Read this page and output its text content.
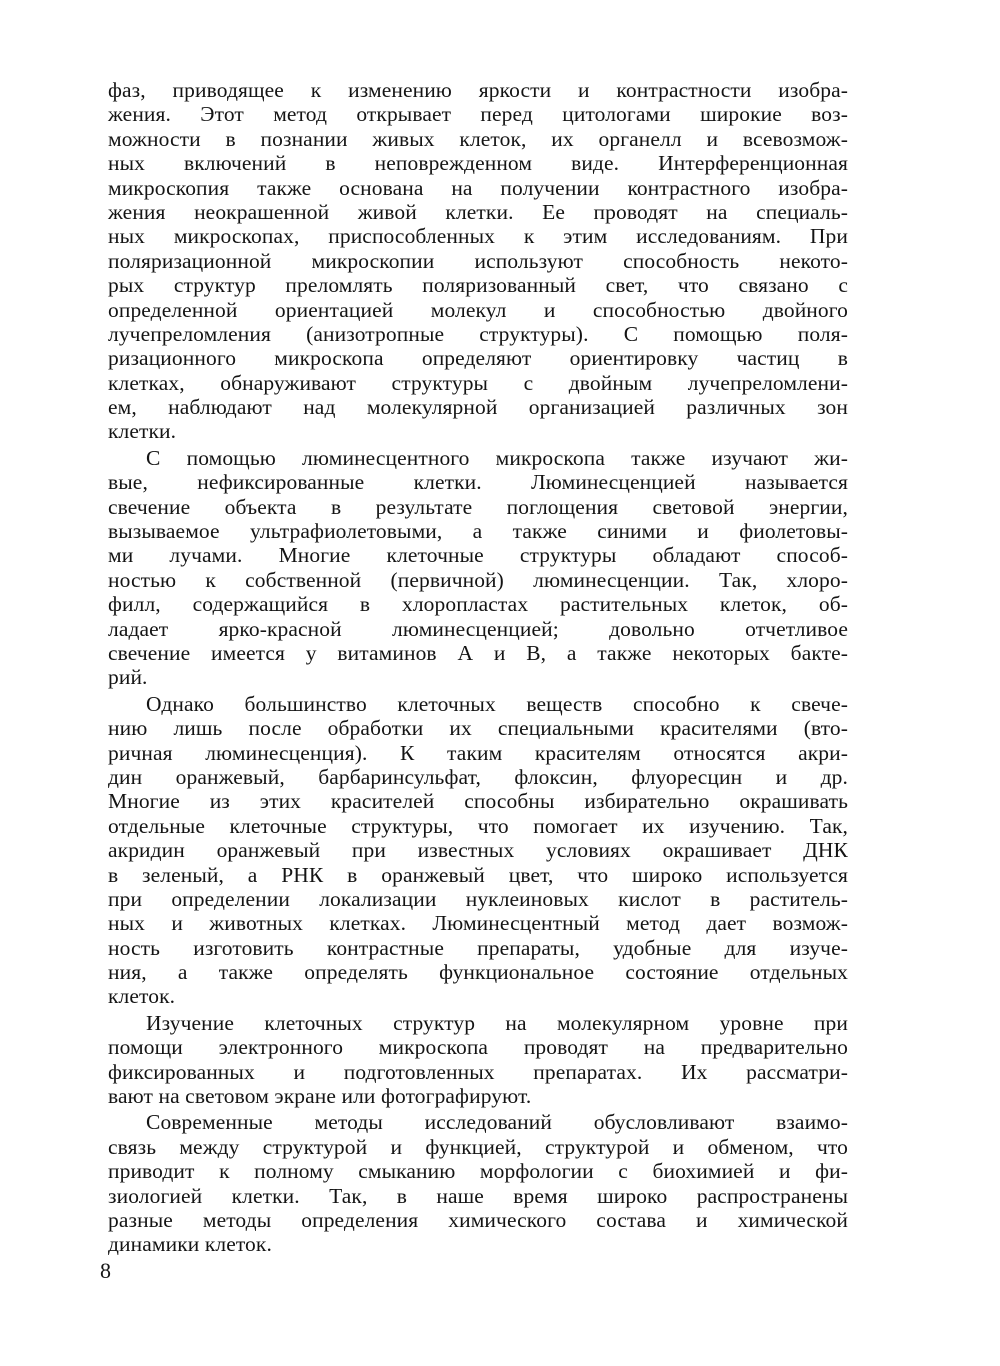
фаз, приводящее к изменению яркости и контрастности изобра-
жения. Этот метод открывает перед цитологами широкие воз-
можности в познании живых клеток, их органелл и всевозмож-
ных включений в неповрежденном виде. Интерференционная
микроскопия также основана на получении контрастного изобра-
жения неокрашенной живой клетки. Ее проводят на специаль-
ных микроскопах, приспособленных к этим исследованиям. При
поляризационной микроскопии используют способность некото-
рых структур преломлять поляризованный свет, что связано с
определенной ориентацией молекул и способностью двойного
лучепреломления (анизотропные структуры). С помощью поля-
ризационного микроскопа определяют ориентировку частиц в
клетках, обнаруживают структуры с двойным лучепреломлени-
ем, наблюдают над молекулярной организацией различных зон
клетки.
С помощью люминесцентного микроскопа также изучают жи-
вые, нефиксированные клетки. Люминесценцией называется
свечение объекта в результате поглощения световой энергии,
вызываемое ультрафиолетовыми, а также синими и фиолетовы-
ми лучами. Многие клеточные структуры обладают способ-
ностью к собственной (первичной) люминесценции. Так, хлоро-
филл, содержащийся в хлоропластах растительных клеток, об-
ладает ярко-красной люминесценцией; довольно отчетливое
свечение имеется у витаминов А и В, а также некоторых бакте-
рий.
Однако большинство клеточных веществ способно к свече-
нию лишь после обработки их специальными красителями (вто-
ричная люминесценция). К таким красителям относятся акри-
дин оранжевый, барбаринсульфат, флоксин, флуоресцин и др.
Многие из этих красителей способны избирательно окрашивать
отдельные клеточные структуры, что помогает их изучению. Так,
акридин оранжевый при известных условиях окрашивает ДНК
в зеленый, а РНК в оранжевый цвет, что широко используется
при определении локализации нуклеиновых кислот в раститель-
ных и животных клетках. Люминесцентный метод дает возмож-
ность изготовить контрастные препараты, удобные для изуче-
ния, а также определять функциональное состояние отдельных
клеток.
Изучение клеточных структур на молекулярном уровне при
помощи электронного микроскопа проводят на предварительно
фиксированных и подготовленных препаратах. Их рассматри-
вают на световом экране или фотографируют.
Современные методы исследований обусловливают взаимо-
связь между структурой и функцией, структурой и обменом, что
приводит к полному смыканию морфологии с биохимией и фи-
зиологией клетки. Так, в наше время широко распространены
разные методы определения химического состава и химической
динамики клеток.
8
